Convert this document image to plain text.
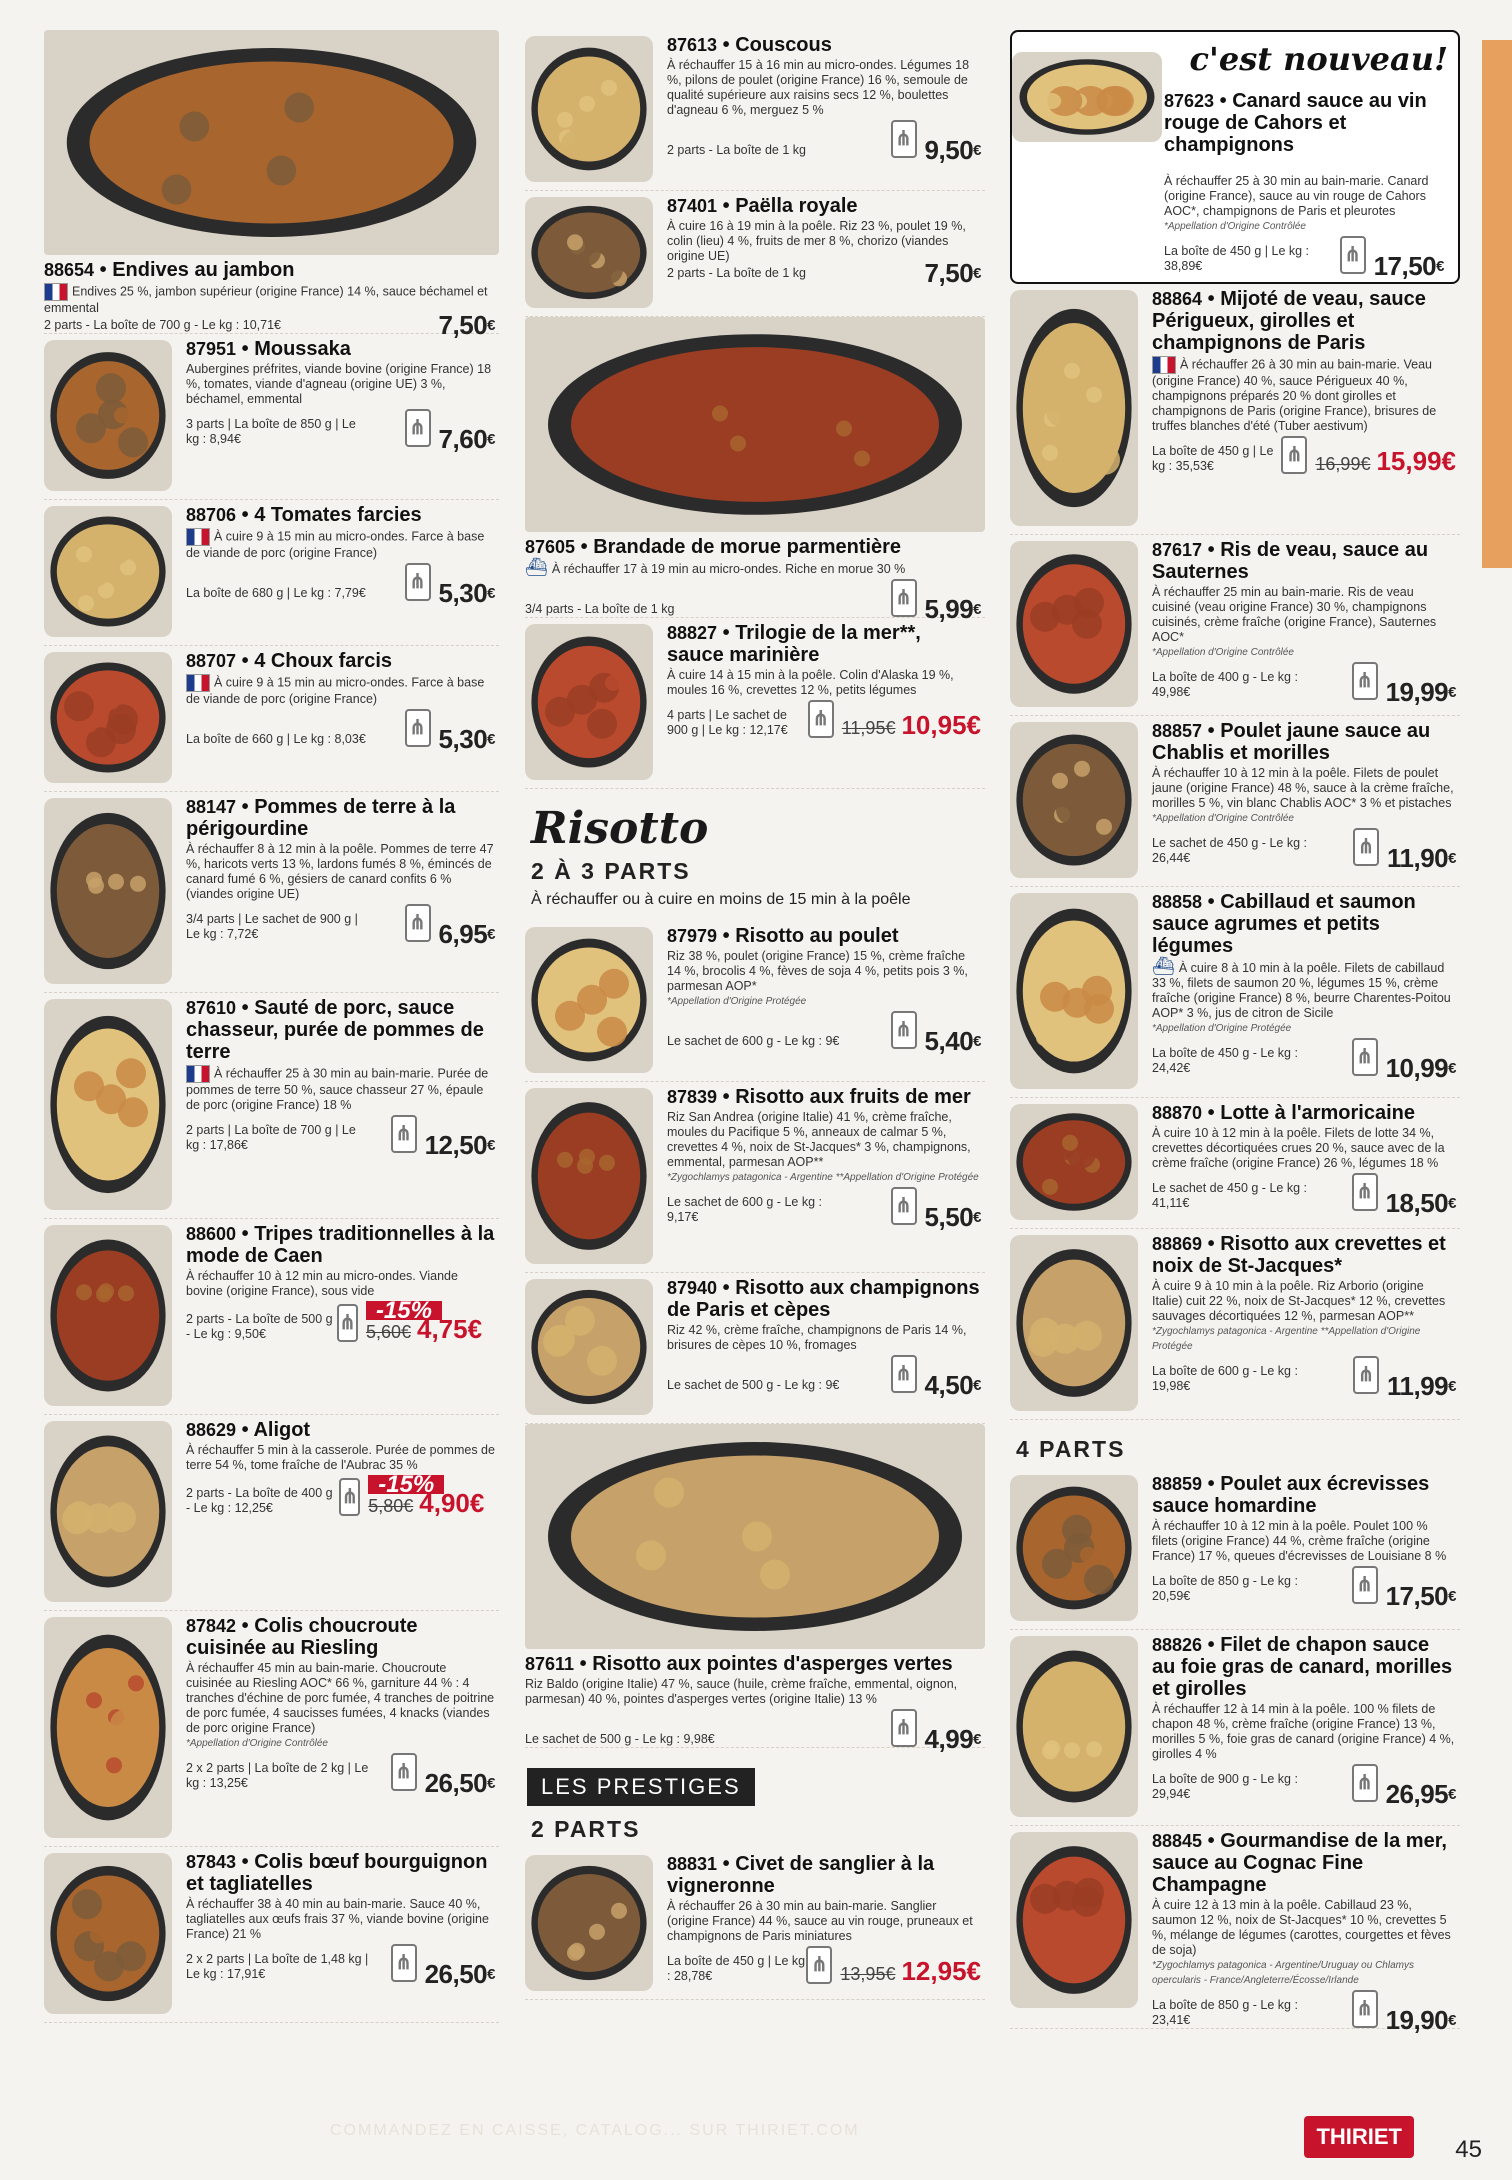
88654 • Endives au jambon
Endives 25 %, jambon supérieur (origine France) 14 %, sauce béchamel et emmental
2 parts - La boîte de 700 g - Le kg : 10,71€	7,50€
87951 • Moussaka
Aubergines préfrites, viande bovine (origine France) 18 %, tomates, viande d'agneau (origine UE) 3 %, béchamel, emmental
3 parts | La boîte de 850 g | Le kg : 8,94€	⋔ 7,60€
88706 • 4 Tomates farcies
À cuire 9 à 15 min au micro-ondes. Farce à base de viande de porc (origine France)
La boîte de 680 g | Le kg : 7,79€ ⋔ 5,30€
88707 • 4 Choux farcis
À cuire 9 à 15 min au micro-ondes. Farce à base de viande de porc (origine France)
La boîte de 660 g | Le kg : 8,03€ ⋔ 5,30€
88147 • Pommes de terre à la périgourdine
À réchauffer 8 à 12 min à la poêle. Pommes de terre 47 %, haricots verts 13 %, lardons fumés 8 %, émincés de canard fumé 6 %, gésiers de canard confits 6 % (viandes origine UE)
3/4 parts | Le sachet de 900 g | Le kg : 7,72€	⋔ 6,95€
87610 • Sauté de porc, sauce chasseur, purée de pommes de terre
À réchauffer 25 à 30 min au bain-marie. Purée de pommes de terre 50 %, sauce chasseur 27 %, épaule de porc (origine France) 18 %
2 parts | La boîte de 700 g | Le kg : 17,86€	⋔ 12,50€
88600 • Tripes traditionnelles à la mode de Caen
À réchauffer 10 à 12 min au micro-ondes. Viande bovine (origine France), sous vide
2 parts - La boîte de 500 g - Le kg : 9,50€	⋔ -15%5,60€ 4,75€
88629 • Aligot
À réchauffer 5 min à la casserole. Purée de pommes de terre 54 %, tome fraîche de l'Aubrac 35 %
2 parts - La boîte de 400 g - Le kg : 12,25€	⋔ -15%5,80€ 4,90€
87842 • Colis choucroute cuisinée au Riesling
À réchauffer 45 min au bain-marie. Choucroute cuisinée au Riesling AOC* 66 %, garniture 44 % : 4 tranches d'échine de porc fumée, 4 tranches de poitrine de porc fumée, 4 saucisses fumées, 4 knacks (viandes de porc origine France)
*Appellation d'Origine Contrôlée
2 x 2 parts | La boîte de 2 kg | Le kg : 13,25€	⋔ 26,50€
87843 • Colis bœuf bourguignon et tagliatelles
À réchauffer 38 à 40 min au bain-marie. Sauce 40 %, tagliatelles aux œufs frais 37 %, viande bovine (origine France) 21 %
2 x 2 parts | La boîte de 1,48 kg | Le kg : 17,91€	⋔ 26,50€
87613 • Couscous
À réchauffer 15 à 16 min au micro-ondes. Légumes 18 %, pilons de poulet (origine France) 16 %, semoule de qualité supérieure aux raisins secs 12 %, boulettes d'agneau 6 %, merguez 5 %
2 parts - La boîte de 1 kg	⋔ 9,50€
87401 • Paëlla royale
À cuire 16 à 19 min à la poêle. Riz 23 %, poulet 19 %, colin (lieu) 4 %, fruits de mer 8 %, chorizo (viandes origine UE)
2 parts - La boîte de 1 kg	7,50€
87605 • Brandade de morue parmentière
⛴ À réchauffer 17 à 19 min au micro-ondes. Riche en morue 30 %
3/4 parts - La boîte de 1 kg	⋔ 5,99€
88827 • Trilogie de la mer**, sauce marinière
À cuire 14 à 15 min à la poêle. Colin d'Alaska 19 %, moules 16 %, crevettes 12 %, petits légumes
4 parts | Le sachet de 900 g | Le kg : 12,17€	⋔ 11,95€ 10,95€
Risotto
2 À 3 PARTS
À réchauffer ou à cuire en moins de 15 min à la poêle
87979 • Risotto au poulet
Riz 38 %, poulet (origine France) 15 %, crème fraîche 14 %, brocolis 4 %, fèves de soja 4 %, petits pois 3 %, parmesan AOP*
*Appellation d'Origine Protégée
Le sachet de 600 g - Le kg : 9€	⋔ 5,40€
87839 • Risotto aux fruits de mer
Riz San Andrea (origine Italie) 41 %, crème fraîche, moules du Pacifique 5 %, anneaux de calmar 5 %, crevettes 4 %, noix de St-Jacques* 3 %, champignons, emmental, parmesan AOP**
*Zygochlamys patagonica - Argentine **Appellation d'Origine Protégée
Le sachet de 600 g - Le kg : 9,17€	⋔ 5,50€
87940 • Risotto aux champignons de Paris et cèpes
Riz 42 %, crème fraîche, champignons de Paris 14 %, brisures de cèpes 10 %, fromages
Le sachet de 500 g - Le kg : 9€	⋔ 4,50€
87611 • Risotto aux pointes d'asperges vertes
Riz Baldo (origine Italie) 47 %, sauce (huile, crème fraîche, emmental, oignon, parmesan) 40 %, pointes d'asperges vertes (origine Italie) 13 %
Le sachet de 500 g - Le kg : 9,98€	⋔ 4,99€
LES PRESTIGES
2 PARTS
88831 • Civet de sanglier à la vigneronne
À réchauffer 26 à 30 min au bain-marie. Sanglier (origine France) 44 %, sauce au vin rouge, pruneaux et champignons de Paris miniatures
La boîte de 450 g | Le kg : 28,78€	⋔ 13,95€ 12,95€
c'est nouveau!
87623 • Canard sauce au vin rouge de Cahors et champignons
À réchauffer 25 à 30 min au bain-marie. Canard (origine France), sauce au vin rouge de Cahors AOC*, champignons de Paris et pleurotes
*Appellation d'Origine Contrôlée
La boîte de 450 g | Le kg : 38,89€	⋔ 17,50€
88864 • Mijoté de veau, sauce Périgueux, girolles et champignons de Paris
À réchauffer 26 à 30 min au bain-marie. Veau (origine France) 40 %, sauce Périgueux 40 %, champignons préparés 20 % dont girolles et champignons de Paris (origine France), brisures de truffes blanches d'été (Tuber aestivum)
La boîte de 450 g | Le kg : 35,53€	⋔ 16,99€ 15,99€
87617 • Ris de veau, sauce au Sauternes
À réchauffer 25 min au bain-marie. Ris de veau cuisiné (veau origine France) 30 %, champignons cuisinés, crème fraîche (origine France), Sauternes AOC*
*Appellation d'Origine Contrôlée
La boîte de 400 g - Le kg : 49,98€	⋔ 19,99€
88857 • Poulet jaune sauce au Chablis et morilles
À réchauffer 10 à 12 min à la poêle. Filets de poulet jaune (origine France) 48 %, sauce à la crème fraîche, morilles 5 %, vin blanc Chablis AOC* 3 % et pistaches
*Appellation d'Origine Contrôlée
Le sachet de 450 g - Le kg : 26,44€	⋔ 11,90€
88858 • Cabillaud et saumon sauce agrumes et petits légumes
⛴ À cuire 8 à 10 min à la poêle. Filets de cabillaud 33 %, filets de saumon 20 %, légumes 15 %, crème fraîche (origine France) 8 %, beurre Charentes-Poitou AOP* 3 %, jus de citron de Sicile
*Appellation d'Origine Protégée
La boîte de 450 g - Le kg : 24,42€	⋔ 10,99€
88870 • Lotte à l'armoricaine
À cuire 10 à 12 min à la poêle. Filets de lotte 34 %, crevettes décortiquées crues 20 %, sauce avec de la crème fraîche (origine France) 26 %, légumes 18 %
Le sachet de 450 g - Le kg : 41,11€	⋔ 18,50€
88869 • Risotto aux crevettes et noix de St-Jacques*
À cuire 9 à 10 min à la poêle. Riz Arborio (origine Italie) cuit 22 %, noix de St-Jacques* 12 %, crevettes sauvages décortiquées 12 %, parmesan AOP**
*Zygochlamys patagonica - Argentine **Appellation d'Origine Protégée
La boîte de 600 g - Le kg : 19,98€	⋔ 11,99€
4 PARTS
88859 • Poulet aux écrevisses sauce homardine
À réchauffer 10 à 12 min à la poêle. Poulet 100 % filets (origine France) 44 %, crème fraîche (origine France) 17 %, queues d'écrevisses de Louisiane 8 %
La boîte de 850 g - Le kg : 20,59€	⋔ 17,50€
88826 • Filet de chapon sauce au foie gras de canard, morilles et girolles
À réchauffer 12 à 14 min à la poêle. 100 % filets de chapon 48 %, crème fraîche (origine France) 13 %, morilles 5 %, foie gras de canard (origine France) 4 %, girolles 4 %
La boîte de 900 g - Le kg : 29,94€	⋔ 26,95€
88845 • Gourmandise de la mer, sauce au Cognac Fine Champagne
À cuire 12 à 13 min à la poêle. Cabillaud 23 %, saumon 12 %, noix de St-Jacques* 10 %, crevettes 5 %, mélange de légumes (carottes, courgettes et fèves de soja)
*Zygochlamys patagonica - Argentine/Uruguay ou Chlamys opercularis - France/Angleterre/Écosse/Irlande
La boîte de 850 g - Le kg : 23,41€	⋔ 19,90€
COMMANDEZ EN CAISSE, CATALOG... SUR THIRIET.COM	THIRIET	45
